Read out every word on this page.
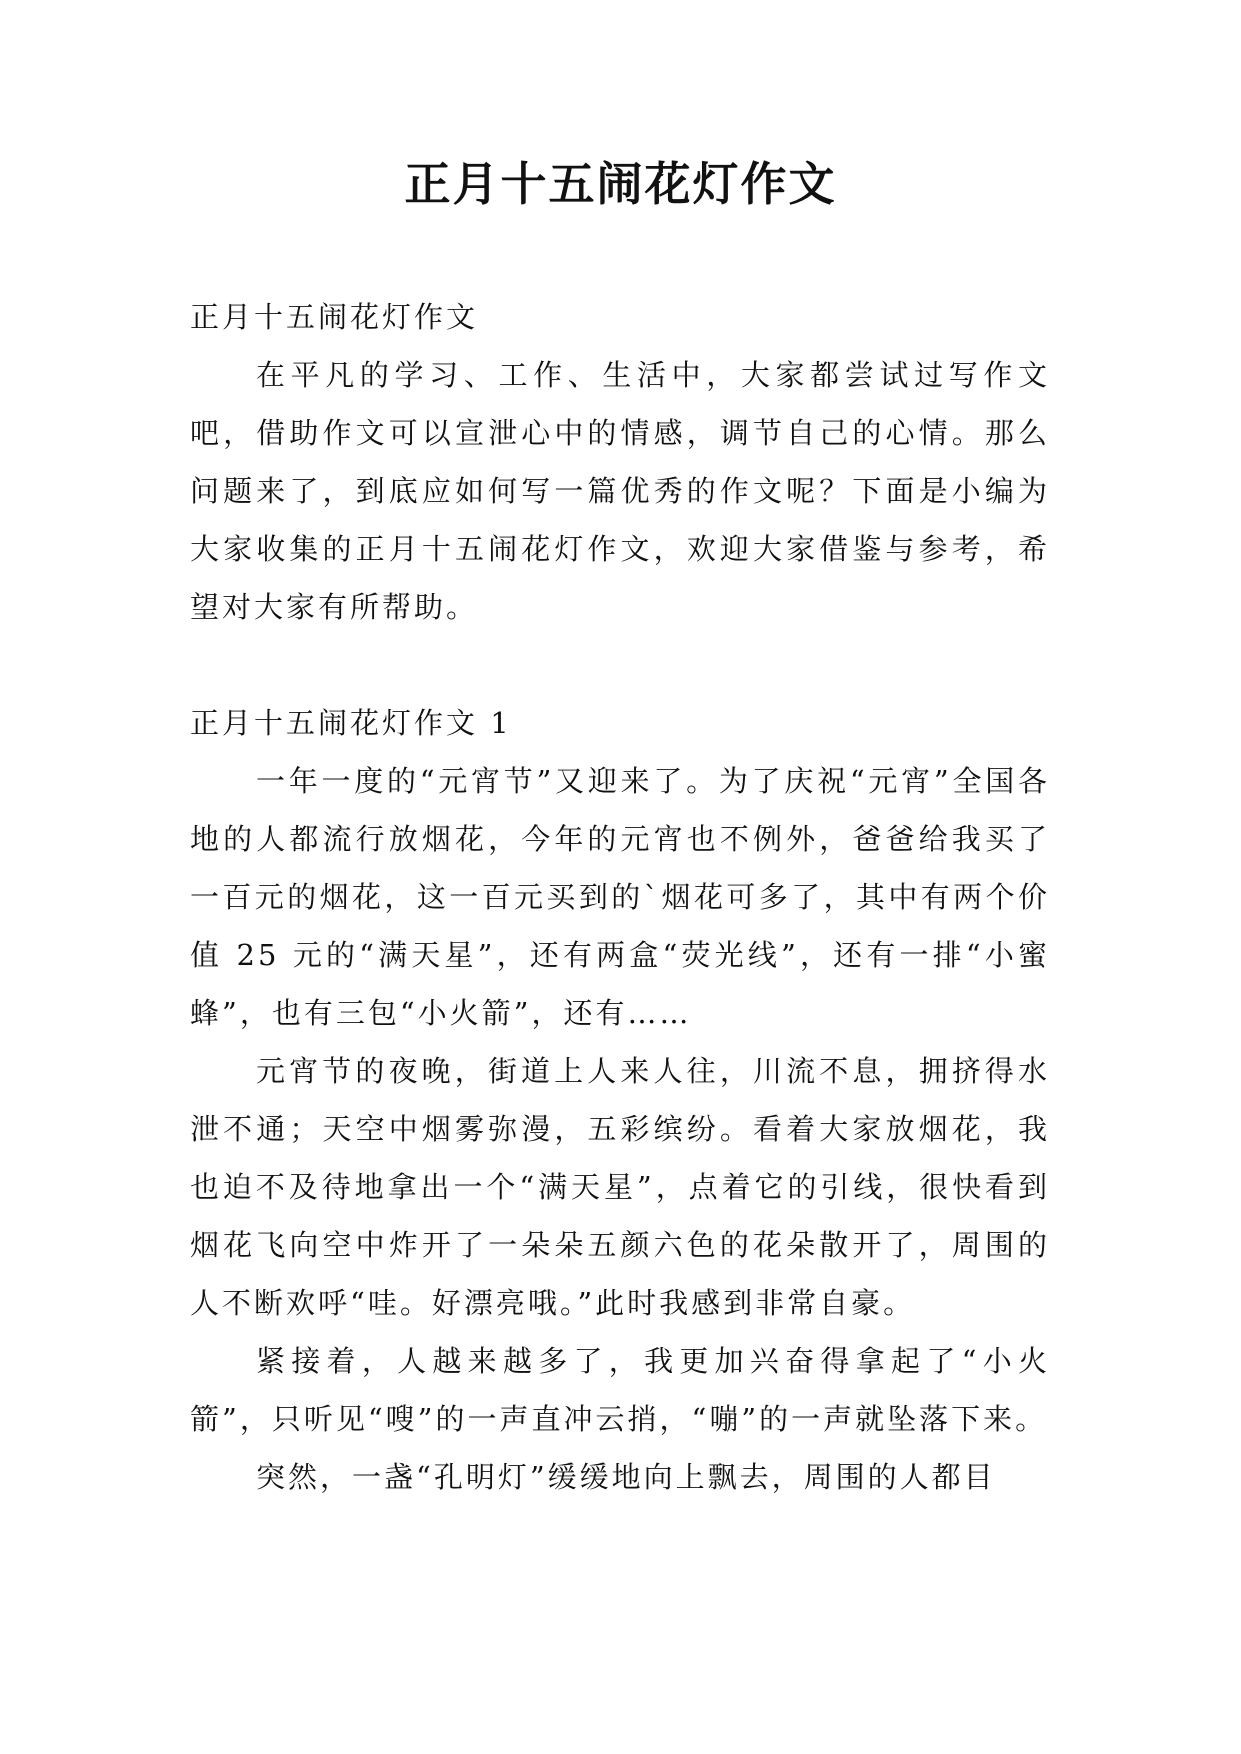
正月十五闹花灯作文

正月十五闹花灯作文

在平凡的学习、工作、生活中，大家都尝试过写作文吧，借助作文可以宣泄心中的情感，调节自己的心情。那么问题来了，到底应如何写一篇优秀的作文呢？下面是小编为大家收集的正月十五闹花灯作文，欢迎大家借鉴与参考，希望对大家有所帮助。

正月十五闹花灯作文 1

一年一度的“元宵节”又迎来了。为了庆祝“元宵”全国各地的人都流行放烟花，今年的元宵也不例外，爸爸给我买了一百元的烟花，这一百元买到的`烟花可多了，其中有两个价值 25 元的“满天星”，还有两盒“荧光线”，还有一排“小蜜蜂”，也有三包“小火箭”，还有……

元宵节的夜晚，街道上人来人往，川流不息，拥挤得水泄不通；天空中烟雾弥漫，五彩缤纷。看着大家放烟花，我也迫不及待地拿出一个“满天星”，点着它的引线，很快看到烟花飞向空中炸开了一朵朵五颜六色的花朵散开了，周围的人不断欢呼“哇。好漂亮哦。”此时我感到非常自豪。

紧接着，人越来越多了，我更加兴奋得拿起了“小火箭”，只听见“嗖”的一声直冲云捎，“嘣”的一声就坠落下来。

突然，一盏“孔明灯”缓缓地向上飘去，周围的人都目
